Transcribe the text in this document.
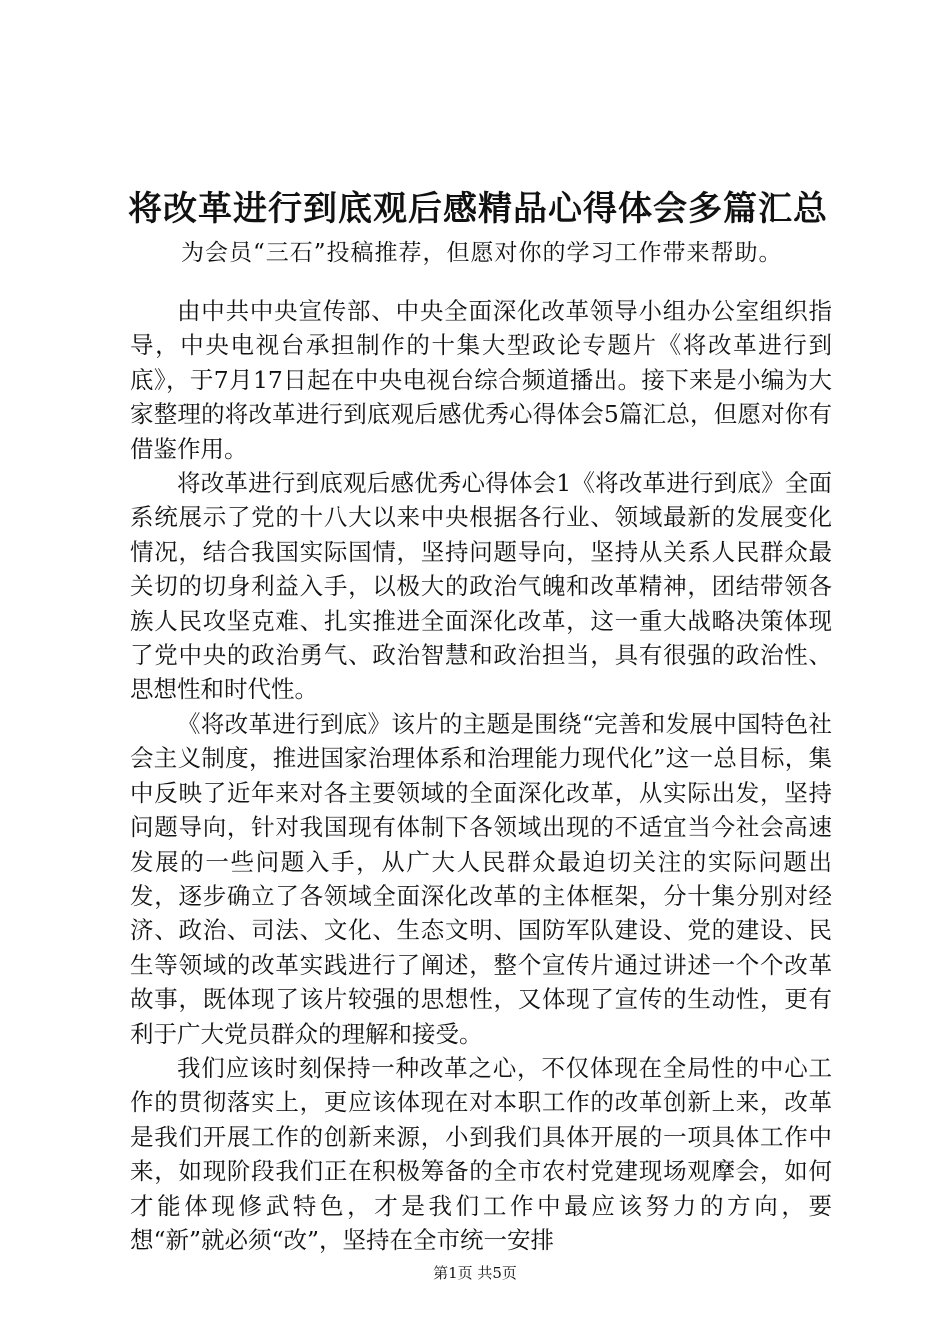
将改革进行到底观后感精品心得体会多篇汇总

为会员“三石”投稿推荐，但愿对你的学习工作带来帮助。

由中共中央宣传部、中央全面深化改革领导小组办公室组织指导，中央电视台承担制作的十集大型政论专题片《将改革进行到底》，于7月17日起在中央电视台综合频道播出。接下来是小编为大家整理的将改革进行到底观后感优秀心得体会5篇汇总，但愿对你有借鉴作用。

将改革进行到底观后感优秀心得体会1《将改革进行到底》全面系统展示了党的十八大以来中央根据各行业、领域最新的发展变化情况，结合我国实际国情，坚持问题导向，坚持从关系人民群众最关切的切身利益入手，以极大的政治气魄和改革精神，团结带领各族人民攻坚克难、扎实推进全面深化改革，这一重大战略决策体现了党中央的政治勇气、政治智慧和政治担当，具有很强的政治性、思想性和时代性。

《将改革进行到底》该片的主题是围绕“完善和发展中国特色社会主义制度，推进国家治理体系和治理能力现代化”这一总目标，集中反映了近年来对各主要领域的全面深化改革，从实际出发，坚持问题导向，针对我国现有体制下各领域出现的不适宜当今社会高速发展的一些问题入手，从广大人民群众最迫切关注的实际问题出发，逐步确立了各领域全面深化改革的主体框架，分十集分别对经济、政治、司法、文化、生态文明、国防军队建设、党的建设、民生等领域的改革实践进行了阐述，整个宣传片通过讲述一个个改革故事，既体现了该片较强的思想性，又体现了宣传的生动性，更有利于广大党员群众的理解和接受。

我们应该时刻保持一种改革之心，不仅体现在全局性的中心工作的贯彻落实上，更应该体现在对本职工作的改革创新上来，改革是我们开展工作的创新来源，小到我们具体开展的一项具体工作中来，如现阶段我们正在积极筹备的全市农村党建现场观摩会，如何才能体现修武特色，才是我们工作中最应该努力的方向，要想“新”就必须“改”，坚持在全市统一安排

第1页 共5页
